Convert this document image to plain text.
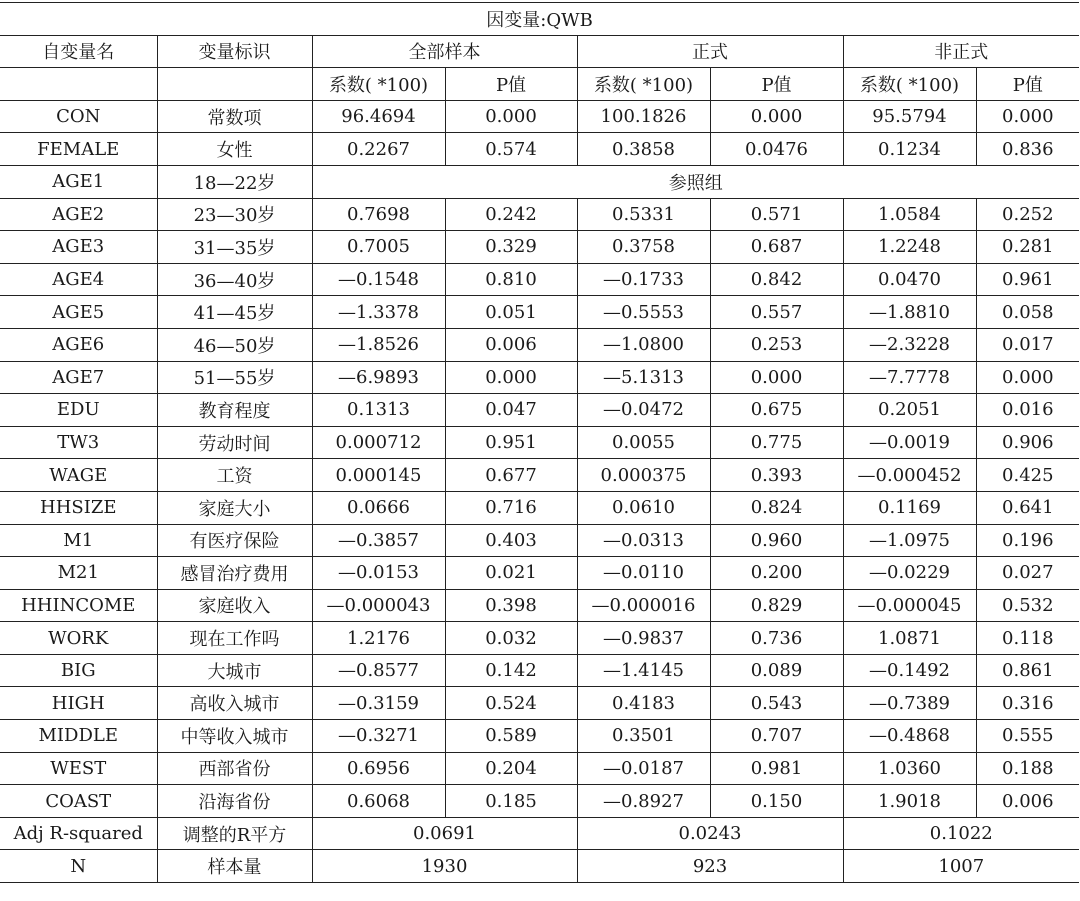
因变量:QWB							
自变量名	变量标识	全部样本		正式		非正式	
		系数( *100)	P值	系数( *100)	P值	系数( *100)	P值
CON	常数项	96.4694	0.000	100.1826	0.000	95.5794	0.000
FEMALE	女性	0.2267	0.574	0.3858	0.0476	0.1234	0.836
AGE1	18—22岁	参照组					
AGE2	23—30岁	0.7698	0.242	0.5331	0.571	1.0584	0.252
AGE3	31—35岁	0.7005	0.329	0.3758	0.687	1.2248	0.281
AGE4	36—40岁	—0.1548	0.810	—0.1733	0.842	0.0470	0.961
AGE5	41—45岁	—1.3378	0.051	—0.5553	0.557	—1.8810	0.058
AGE6	46—50岁	—1.8526	0.006	—1.0800	0.253	—2.3228	0.017
AGE7	51—55岁	—6.9893	0.000	—5.1313	0.000	—7.7778	0.000
EDU	教育程度	0.1313	0.047	—0.0472	0.675	0.2051	0.016
TW3	劳动时间	0.000712	0.951	0.0055	0.775	—0.0019	0.906
WAGE	工资	0.000145	0.677	0.000375	0.393	—0.000452	0.425
HHSIZE	家庭大小	0.0666	0.716	0.0610	0.824	0.1169	0.641
M1	有医疗保险	—0.3857	0.403	—0.0313	0.960	—1.0975	0.196
M21	感冒治疗费用	—0.0153	0.021	—0.0110	0.200	—0.0229	0.027
HHINCOME	家庭收入	—0.000043	0.398	—0.000016	0.829	—0.000045	0.532
WORK	现在工作吗	1.2176	0.032	—0.9837	0.736	1.0871	0.118
BIG	大城市	—0.8577	0.142	—1.4145	0.089	—0.1492	0.861
HIGH	高收入城市	—0.3159	0.524	0.4183	0.543	—0.7389	0.316
MIDDLE	中等收入城市	—0.3271	0.589	0.3501	0.707	—0.4868	0.555
WEST	西部省份	0.6956	0.204	—0.0187	0.981	1.0360	0.188
COAST	沿海省份	0.6068	0.185	—0.8927	0.150	1.9018	0.006
Adj R-squared	调整的R平方	0.0691		0.0243		0.1022	
N	样本量	1930		923		1007	
